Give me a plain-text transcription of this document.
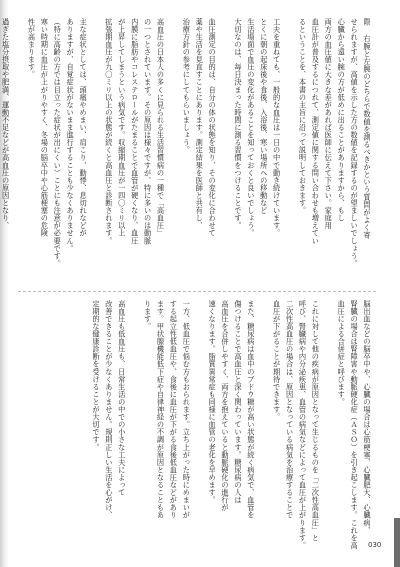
際 右腕と左腕のどちらで数値を測るべきかという質問がよく寄
せられますが、高値を示した方の数値を記録するのが望ましいでしょう。
心臓から遠い腕の方が低めに出ることがありますから、もし
両方の血圧値に大きな差があれば医師に伝えて下さい。家庭用
血圧計が普及するにつれて、測定値に関する問い合わせも増えてい
るということを、本書の主旨に沿って説明しておきます。

工夫を重ねても、一般的な血圧は一日の中で動き続けています。
とくに朝の起床後や食後、入浴後、寒い場所への移動など
生活場面で血圧の変化があることを知っておくと良いでしょう。
大切なのは、毎日決まった時間に測る習慣をつけることです。

血圧測定の目的は、自分の体の状態を知り、その変化に合わせて
薬や生活を見直すことにあります。測定結果を医師と共有し、
治療方針の参考にしてもらいましょう。

高血圧の日本人の多くに見られる生活習慣病の一種で「高血圧」
の一つとされています。その原因は様々ですが、特に多いのは動脈
内膜に脂肪やコレステロールがたまることで血管が硬くなり、血圧
が上昇してしまうという病気です。収縮期血圧が一四〇ミリ以上
拡張期血圧が九〇ミリ以上の状態が続くと高血圧と診断されます。

主な症状としては、頭痛やめまい、肩こり、動悸、息切れなどが
ありますが、自覚症状がないまま進行することも少なくありません。
（特に高齢の方では目立った症状が出にくい）ことにも注意が必要です。
寒い時期に血圧が上がりやすく、冬場の脳卒中や心筋梗塞の危険
性が高まります。

過ぎた塩分摂取や肥満、運動不足などが高血圧の原因となり、

脳出血などの脳卒中や、心臓の場合は心筋梗塞、心臓肥大、心臓病、
腎臓の場合は腎障害や動脈硬化症（ＡＳＯ）を引き起こします。これを高
血圧による合併症と呼びます。

これに対して他の疾病が原因となって生じるものを「二次性高血圧」と
呼び、腎臓病や内分泌疾患、血管の病気などによって血圧が上がります。
二次性高血圧の場合は、原因となっている病気を治療することで
血圧が下がることが期待できます。

また、糖尿病は血中のブドウ糖が高い状態が続く病気で、血管を
傷つけることで高血圧と深く関わっています。糖尿病の人は
高血圧を合併しやすく、両方を抱えていると動脈硬化の進行が
速くなります。脂質異常症も同様に血管の老化を早めます。

一方、低血圧で悩む方もおられます。立ち上がった時にめまいが
する起立性低血圧や、食後に血圧が下がる食後低血圧などがあり
ます。甲状腺機能低下症や自律神経の不調が原因となることもあ
ります。

高血圧も低血圧も、日常生活の中での小さな工夫によって
改善できることが少なくありません。規則正しい生活を心がけ、
定期的な健康診断を受けることが大切です。
030
